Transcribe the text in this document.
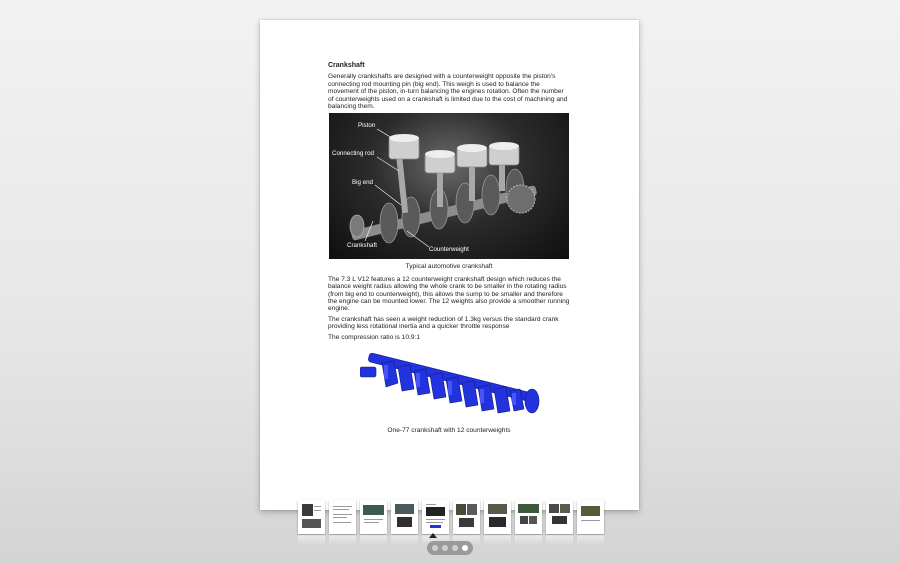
Crankshaft

Generally crankshafts are designed with a counterweight opposite the piston's connecting rod mounting pin (big end). This weigh is used to balance the movement of the piston, in-turn balancing the engines rotation. Often the number of counterweights used on a crankshaft is limited due to the cost of machining and balancing them.

Piston
Connecting rod
Big end
Crankshaft
Counterweight
Typical automotive crankshaft

The 7.3 L V12 features a 12 counterweight crankshaft design which reduces the balance weight radius allowing the whole crank to be smaller in the rotating radius (from big end to counterweight), this allows the sump to be smaller and therefore the engine can be mounted lower. The 12 weights also provide a smoother running engine.

The crankshaft has seen a weight reduction of 1.3kg versus the standard crank providing less rotational inertia and a quicker throttle response

The compression ratio is 10.9:1

One-77 crankshaft with 12 counterweights
